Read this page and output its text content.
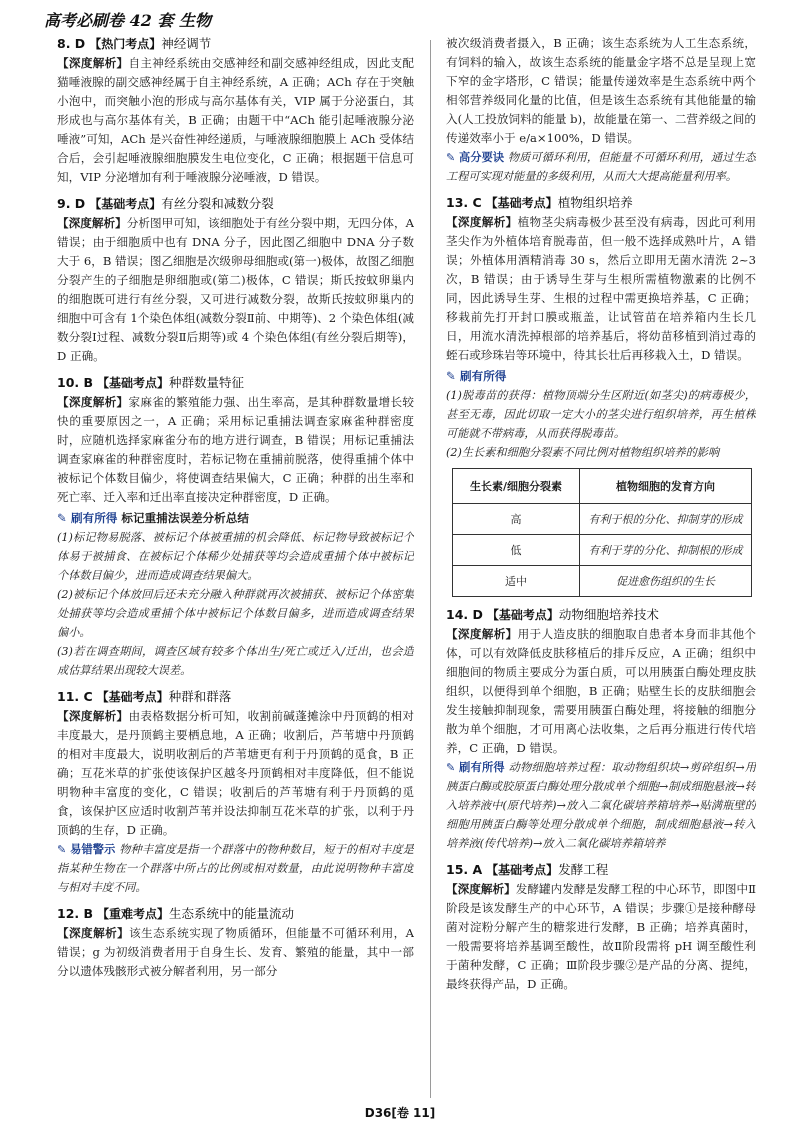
高考必刷卷 42 套 生物
8. D 【热门考点】神经调节

【深度解析】自主神经系统由交感神经和副交感神经组成，因此支配猫唾液腺的副交感神经属于自主神经系统，A 正确；ACh 存在于突触小泡中，而突触小泡的形成与高尔基体有关，VIP 属于分泌蛋白，其形成也与高尔基体有关，B 正确；由题干中“ACh 能引起唾液腺分泌唾液”可知，ACh 是兴奋性神经递质，与唾液腺细胞膜上 ACh 受体结合后，会引起唾液腺细胞膜发生电位变化，C 正确；根据题干信息可知，VIP 分泌增加有利于唾液腺分泌唾液，D 错误。

9. D 【基础考点】有丝分裂和减数分裂

【深度解析】分析图甲可知，该细胞处于有丝分裂中期，无四分体，A 错误；由于细胞质中也有 DNA 分子，因此图乙细胞中 DNA 分子数大于 6，B 错误；图乙细胞是次级卵母细胞或(第一)极体，故图乙细胞分裂产生的子细胞是卵细胞或(第二)极体，C 错误；斯氏按蚊卵巢内的细胞既可进行有丝分裂，又可进行减数分裂，故斯氏按蚊卵巢内的细胞中可含有 1个染色体组(减数分裂Ⅱ前、中期等)、2 个染色体组(减数分裂Ⅰ过程、减数分裂Ⅱ后期等)或 4 个染色体组(有丝分裂后期等)，D 正确。

10. B 【基础考点】种群数量特征

【深度解析】家麻雀的繁殖能力强、出生率高，是其种群数量增长较快的重要原因之一，A 正确；采用标记重捕法调查家麻雀种群密度时，应随机选择家麻雀分布的地方进行调查，B 错误；用标记重捕法调查家麻雀的种群密度时，若标记物在重捕前脱落，使得重捕个体中被标记个体数目偏少，将使调查结果偏大，C 正确；种群的出生率和死亡率、迁入率和迁出率直接决定种群密度，D 正确。

✎ 刷有所得 标记重捕法误差分析总结

(1)标记物易脱落、被标记个体被重捕的机会降低、标记物导致被标记个体易于被捕食、在被标记个体稀少处捕获等均会造成重捕个体中被标记个体数目偏少，进而造成调查结果偏大。

(2)被标记个体放回后还未充分融入种群就再次被捕获、被标记个体密集处捕获等均会造成重捕个体中被标记个体数目偏多，进而造成调查结果偏小。

(3)若在调查期间，调查区域有较多个体出生/死亡或迁入/迁出，也会造成估算结果出现较大误差。

11. C 【基础考点】种群和群落

【深度解析】由表格数据分析可知，收割前碱蓬摊涂中丹顶鹤的相对丰度最大，是丹顶鹤主要栖息地，A 正确；收割后，芦苇塘中丹顶鹤的相对丰度最大，说明收割后的芦苇塘更有利于丹顶鹤的觅食，B 正确；互花米草的扩张使该保护区越冬丹顶鹤相对丰度降低，但不能说明物种丰富度的变化，C 错误；收割后的芦苇塘有利于丹顶鹤的觅食，该保护区应适时收割芦苇并设法抑制互花米草的扩张，以利于丹顶鹤的生存，D 正确。

✎ 易错警示 物种丰富度是指一个群落中的物种数目，短于的相对丰度是指某种生物在一个群落中所占的比例或相对数量，由此说明物种丰富度与相对丰度不同。

12. B 【重难考点】生态系统中的能量流动

【深度解析】该生态系统实现了物质循环，但能量不可循环利用，A 错误；g 为初级消费者用于自身生长、发育、繁殖的能量，其中一部分以遗体残骸形式被分解者利用，另一部分

被次级消费者摄入，B 正确；该生态系统为人工生态系统，有饲料的输入，故该生态系统的能量金字塔不总是呈现上宽下窄的金字塔形，C 错误；能量传递效率是生态系统中两个相邻营养级同化量的比值，但是该生态系统有其他能量的输入(人工投放饲料的能量 b)，故能量在第一、二营养级之间的传递效率小于 e/a×100%，D 错误。

✎ 高分要诀 物质可循环利用，但能量不可循环利用，通过生态工程可实现对能量的多级利用，从而大大提高能量利用率。

13. C 【基础考点】植物组织培养

【深度解析】植物茎尖病毒极少甚至没有病毒，因此可利用茎尖作为外植体培育脱毒苗，但一般不选择成熟叶片，A 错误；外植体用酒精消毒 30 s，然后立即用无菌水清洗 2~3 次，B 错误；由于诱导生芽与生根所需植物激素的比例不同，因此诱导生芽、生根的过程中需更换培养基，C 正确；移栽前先打开封口膜或瓶盖，让试管苗在培养箱内生长几日，用流水清洗掉根部的培养基后，将幼苗移植到消过毒的蛭石或珍珠岩等环境中，待其长壮后再移栽入土，D 错误。

✎ 刷有所得

(1)脱毒苗的获得：植物顶端分生区附近(如茎尖)的病毒极少，甚至无毒，因此切取一定大小的茎尖进行组织培养，再生植株可能就不带病毒，从而获得脱毒苗。

(2)生长素和细胞分裂素不同比例对植物组织培养的影响

生长素/细胞分裂素	植物细胞的发育方向
高	有利于根的分化、抑制芽的形成
低	有利于芽的分化、抑制根的形成
适中	促进愈伤组织的生长
14. D 【基础考点】动物细胞培养技术

【深度解析】用于人造皮肤的细胞取自患者本身而非其他个体，可以有效降低皮肤移植后的排斥反应，A 正确；组织中细胞间的物质主要成分为蛋白质，可以用胰蛋白酶处理皮肤组织，以便得到单个细胞，B 正确；贴壁生长的皮肤细胞会发生接触抑制现象，需要用胰蛋白酶处理，将接触的细胞分散为单个细胞，才可用离心法收集，之后再分瓶进行传代培养，C 正确，D 错误。

✎ 刷有所得 动物细胞培养过程：取动物组织块→剪碎组织→用胰蛋白酶或胶原蛋白酶处理分散成单个细胞→制成细胞悬液→转入培养液中(原代培养)→放入二氧化碳培养箱培养→贴满瓶壁的细胞用胰蛋白酶等处理分散成单个细胞，制成细胞悬液→转入培养液(传代培养)→放入二氧化碳培养箱培养

15. A 【基础考点】发酵工程

【深度解析】发酵罐内发酵是发酵工程的中心环节，即图中Ⅱ阶段是该发酵生产的中心环节，A 错误；步骤①是接种酵母菌对淀粉分解产生的糖浆进行发酵，B 正确；培养真菌时，一般需要将培养基调至酸性，故Ⅱ阶段需将 pH 调至酸性利于菌种发酵，C 正确；Ⅲ阶段步骤②是产品的分离、提纯，最终获得产品，D 正确。

D36[卷 11]
